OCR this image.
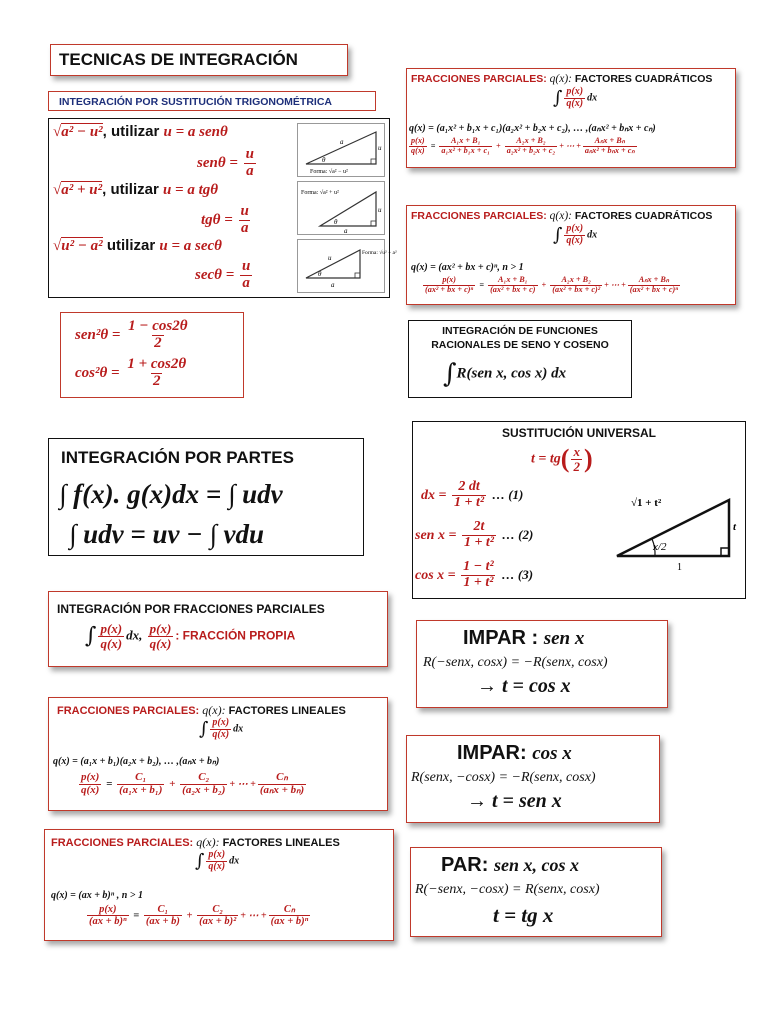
TECNICAS DE INTEGRACIÓN
INTEGRACIÓN POR SUSTITUCIÓN TRIGONOMÉTRICA
√a² − u², utilizar u = a senθ
$sen\theta = \frac{u}{a}$
√a² + u², utilizar u = a tgθ
$tg\theta = \frac{u}{a}$
√u² − a² utilizar u = a secθ
$\sec\theta = \frac{u}{a}$
θ
a
u
Forma: √a² − u²
θ
a
u
Forma: √a² + u²
θ
u
a
Forma: √u² − a²
$sen^2\theta = \frac{1 - \cos 2\theta}{2}$
$\cos^2\theta = \frac{1 + \cos 2\theta}{2}$
INTEGRACIÓN POR PARTES
∫ f(x). g(x)dx = ∫ udv
∫ udv = uv − ∫ vdu
INTEGRACIÓN POR FRACCIONES PARCIALES
∫ $\frac{p(x)}{q(x)}$ dx, $\frac{p(x)}{q(x)}$ : FRACCIÓN PROPIA
FRACCIONES PARCIALES: q(x): FACTORES LINEALES
∫ $\frac{p(x)}{q(x)}$ dx
q(x) = (a₁x + b₁)(a₂x + b₂), … ,(aₙx + bₙ)
$\frac{p(x)}{q(x)} = \frac{\text{C₁}}{\text{(a₁x + b₁)}} + \frac{\text{C₂}}{\text{(a₂x + b₂)}}$ + ⋯ + $\frac{\text{Cₙ}}{\text{(aₙx + bₙ)}}$
FRACCIONES PARCIALES: q(x): FACTORES LINEALES
∫ $\frac{p(x)}{q(x)}$ dx
q(x) = (ax + b)ⁿ , n > 1
$\frac{p(x)}{\text{(ax + b)ⁿ}} = \frac{\text{C₁}}{(ax + b)} + \frac{\text{C₂}}{\text{(ax + b)²}}$ + ⋯ + $\frac{\text{Cₙ}}{\text{(ax + b)ⁿ}}$
FRACCIONES PARCIALES: q(x): FACTORES CUADRÁTICOS
∫ $\frac{p(x)}{q(x)}$ dx
q(x) = (a₁x² + b₁x + c₁)(a₂x² + b₂x + c₂), … ,(aₙx² + bₙx + cₙ)
$\frac{p(x)}{q(x)} = \frac{\text{A₁x + B₁}}{\text{a₁x² + b₁x + c₁}} + \frac{\text{A₂x + B₂}}{\text{a₂x² + b₂x + c₂}}$ + ⋯ + $\frac{\text{Aₙx + Bₙ}}{\text{aₙx² + bₙx + cₙ}}$
FRACCIONES PARCIALES: q(x): FACTORES CUADRÁTICOS
∫ $\frac{p(x)}{q(x)}$ dx
q(x) = (ax² + bx + c)ⁿ, n > 1
$\frac{p(x)}{\text{(ax² + bx + c)ⁿ}} = \frac{\text{A₁x + B₁}}{\text{(ax² + bx + c)}} + \frac{\text{A₂x + B₂}}{\text{(ax² + bx + c)²}}$ + ⋯ + $\frac{\text{Aₙx + Bₙ}}{\text{(ax² + bx + c)ⁿ}}$
INTEGRACIÓN DE FUNCIONES
RACIONALES DE SENO Y COSENO
∫R(sen x, cos x) dx
SUSTITUCIÓN UNIVERSAL
$t = tg( \frac{x}{2}$ )
dx = $\frac{2 dt}{\text{1 + t²}}$ … (1)
sen $x = \frac{2t}{\text{1 + t²}}$ … (2)
$\cos x = \frac{\text{1 − t²}}{\text{1 + t²}}$ … (3)
√1 + t²
t
1
x/2
IMPAR : sen x
R(−senx, cosx) = −R(senx, cosx)
→ t = cos x
IMPAR: cos x
R(senx, −cosx) = −R(senx, cosx)
→ t = sen x
PAR: sen x, cos x
R(−senx, −cosx) = R(senx, cosx)
t = tg x
